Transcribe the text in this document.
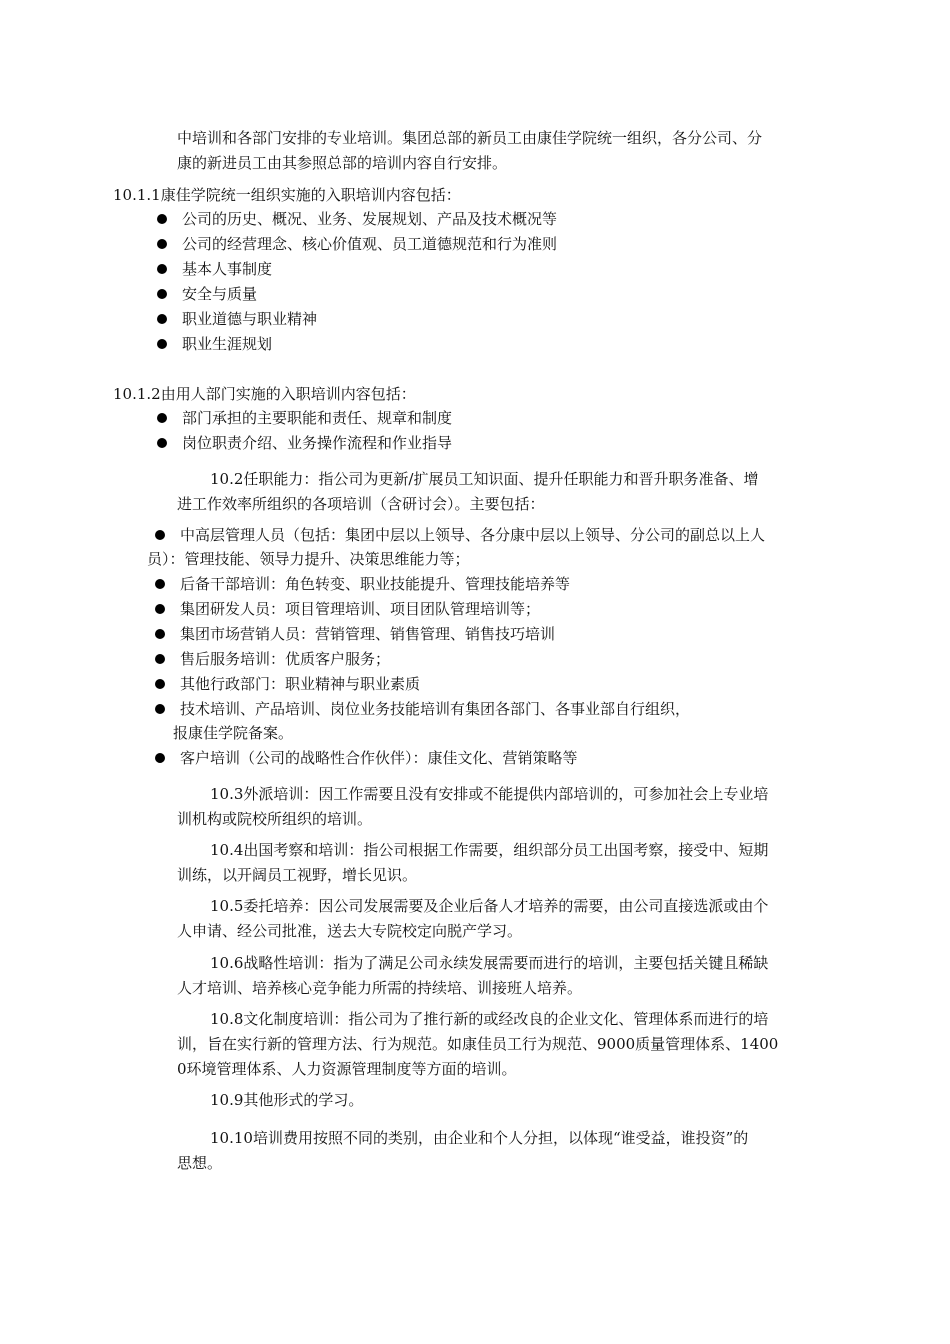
中培训和各部门安排的专业培训。集团总部的新员工由康佳学院统一组织，各分公司、分
康的新进员工由其参照总部的培训内容自行安排。
10.1.1康佳学院统一组织实施的入职培训内容包括：
公司的历史、概况、业务、发展规划、产品及技术概况等
公司的经营理念、核心价值观、员工道德规范和行为准则
基本人事制度
安全与质量
职业道德与职业精神
职业生涯规划
10.1.2由用人部门实施的入职培训内容包括：
部门承担的主要职能和责任、规章和制度
岗位职责介绍、业务操作流程和作业指导
10.2任职能力：指公司为更新/扩展员工知识面、提升任职能力和晋升职务准备、增
进工作效率所组织的各项培训（含研讨会）。主要包括：
中高层管理人员（包括：集团中层以上领导、各分康中层以上领导、分公司的副总以上人
员）：管理技能、领导力提升、决策思维能力等；
后备干部培训：角色转变、职业技能提升、管理技能培养等
集团研发人员：项目管理培训、项目团队管理培训等；
集团市场营销人员：营销管理、销售管理、销售技巧培训
售后服务培训：优质客户服务；
其他行政部门：职业精神与职业素质
技术培训、产品培训、岗位业务技能培训有集团各部门、各事业部自行组织，
报康佳学院备案。
客户培训（公司的战略性合作伙伴）：康佳文化、营销策略等
10.3外派培训：因工作需要且没有安排或不能提供内部培训的，可参加社会上专业培
训机构或院校所组织的培训。
10.4出国考察和培训：指公司根据工作需要，组织部分员工出国考察，接受中、短期
训练，以开阔员工视野，增长见识。
10.5委托培养：因公司发展需要及企业后备人才培养的需要，由公司直接选派或由个
人申请、经公司批准，送去大专院校定向脱产学习。
10.6战略性培训：指为了满足公司永续发展需要而进行的培训，主要包括关键且稀缺
人才培训、培养核心竞争能力所需的持续培、训接班人培养。
10.8文化制度培训：指公司为了推行新的或经改良的企业文化、管理体系而进行的培
训，旨在实行新的管理方法、行为规范。如康佳员工行为规范、9000质量管理体系、1400
0环境管理体系、人力资源管理制度等方面的培训。
10.9其他形式的学习。
10.10培训费用按照不同的类别，由企业和个人分担，以体现“谁受益，谁投资”的
思想。
